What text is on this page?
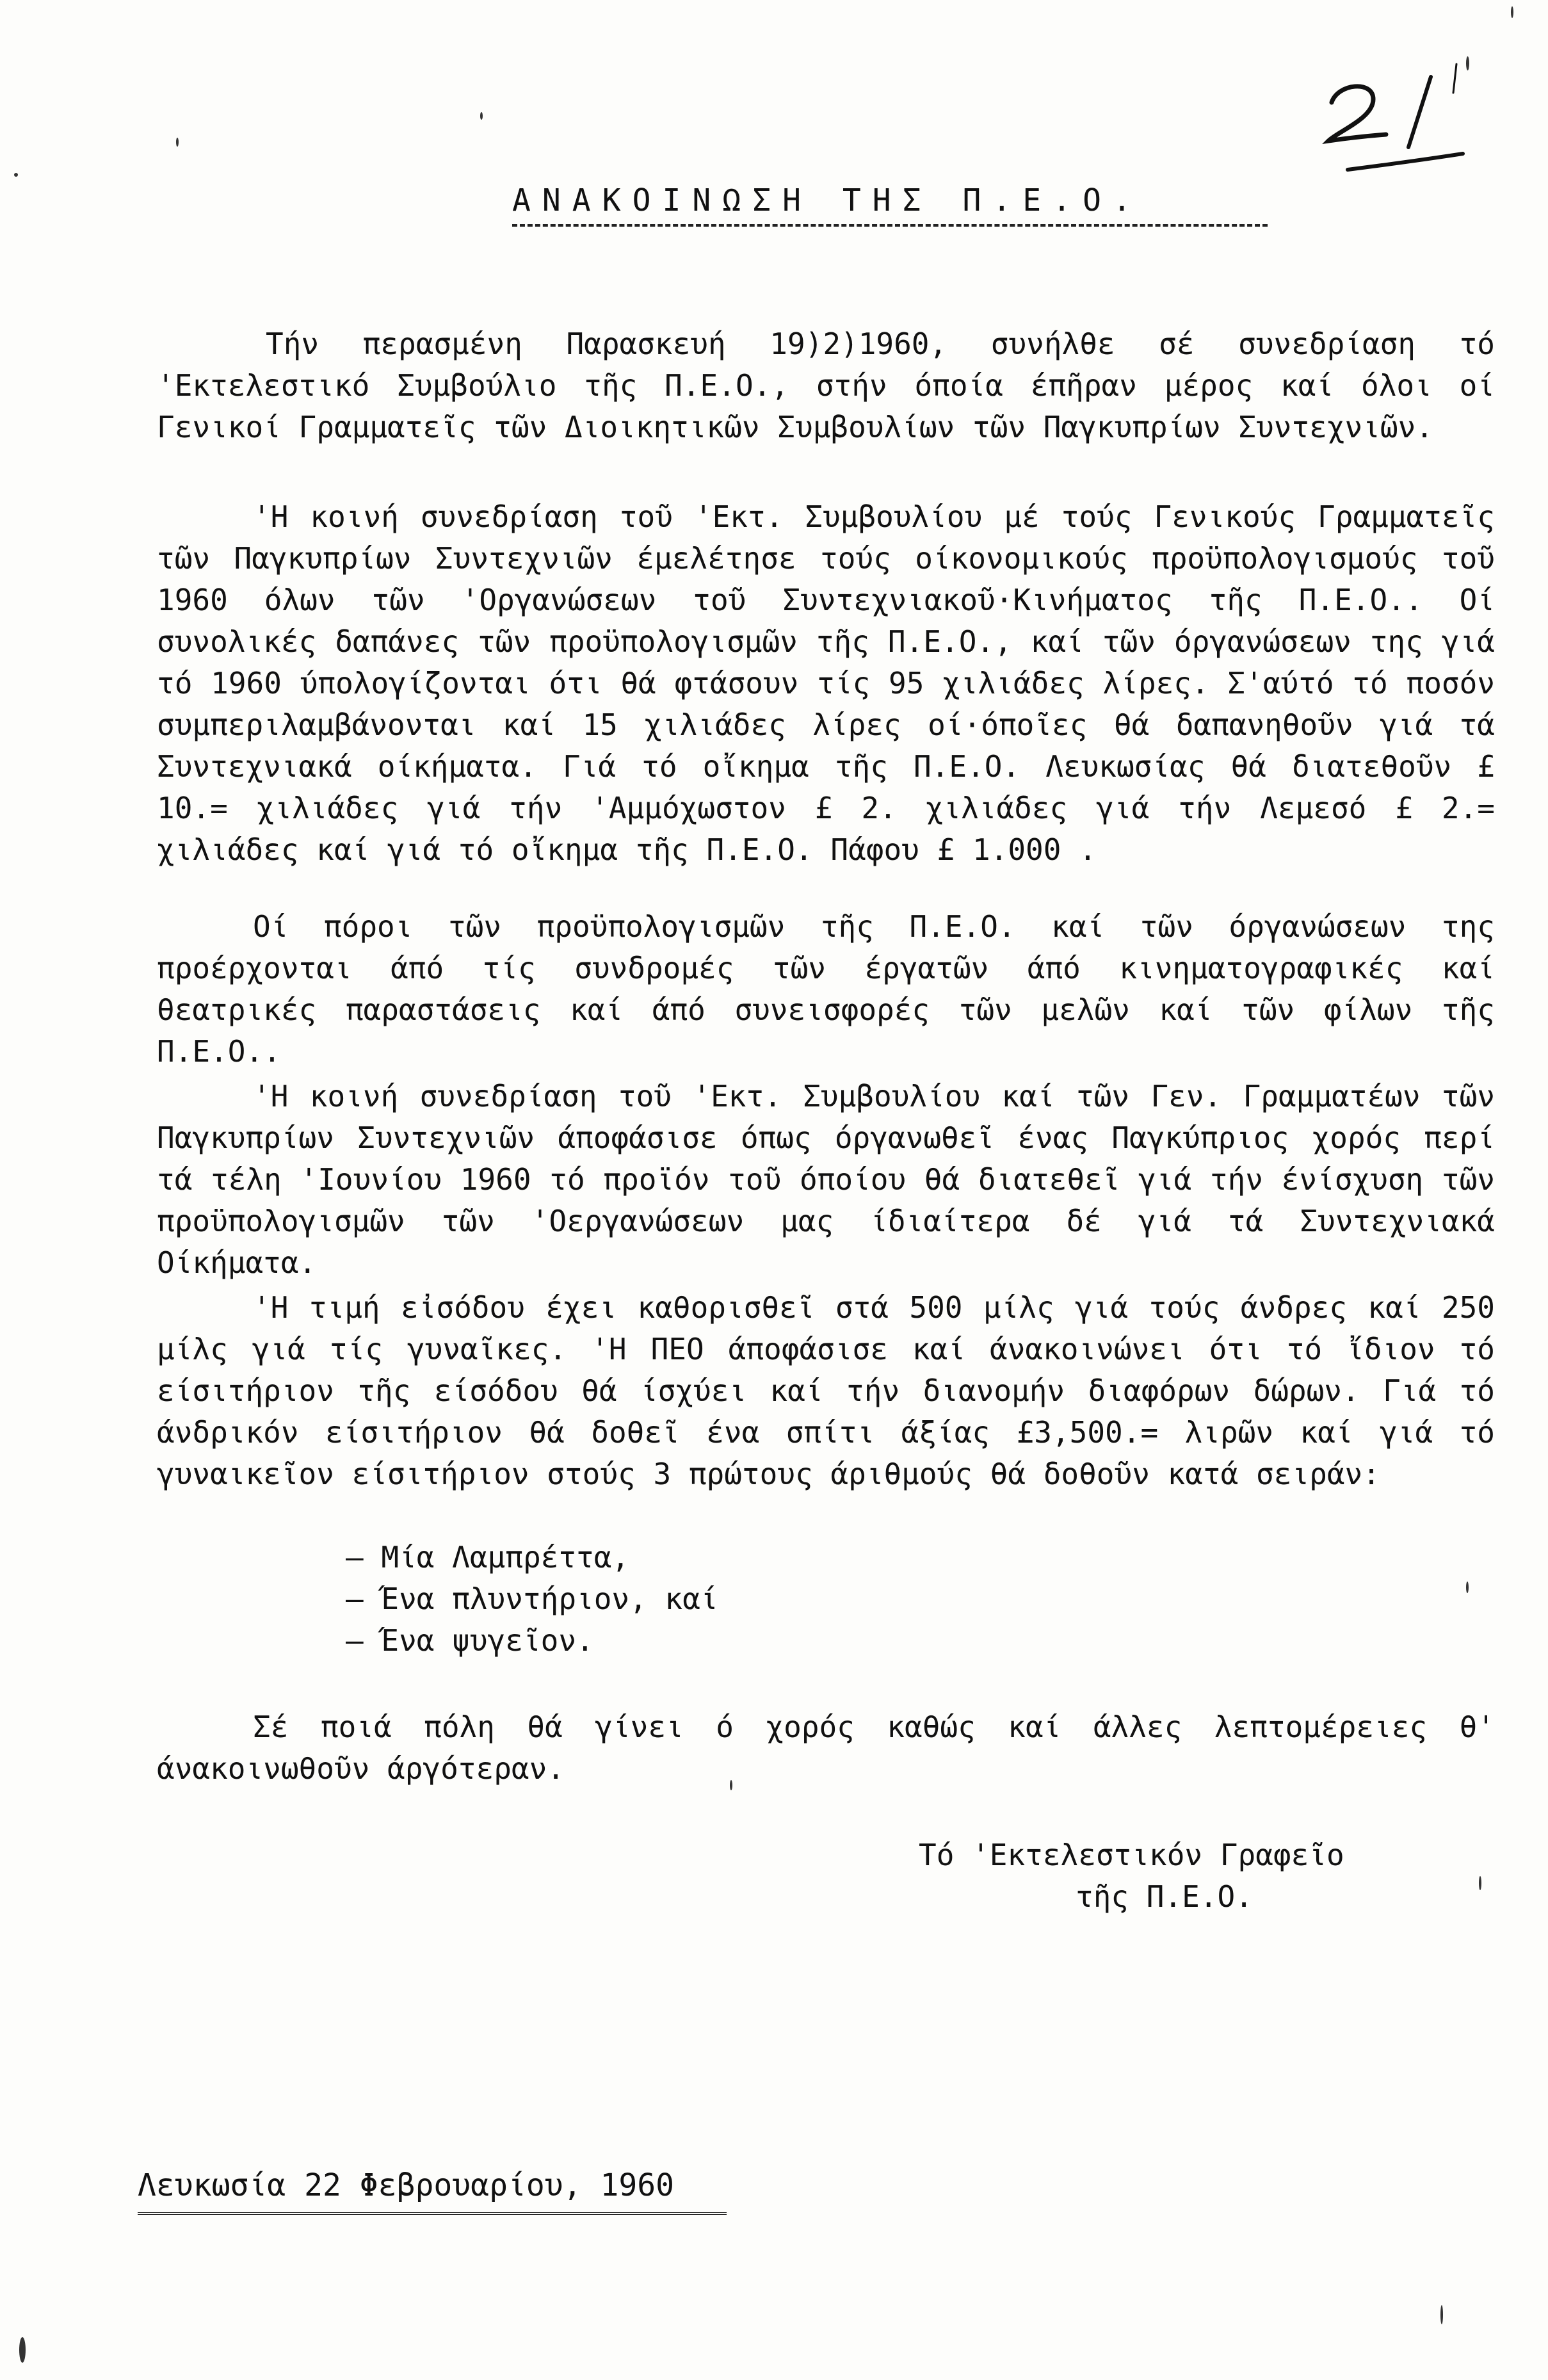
ΑΝΑΚΟΙΝΩΣΗ ΤΗΣ Π.Ε.Ο.

Τήν περασμένη Παρασκευή 19)2)1960, συνήλθε σέ συνεδρίαση τό 'Εκτελεστικό Συμβούλιο τῆς Π.Ε.Ο., στήν όποία έπῆραν μέρος καί όλοι οί Γενικοί Γραμματεῖς τῶν Διοικητικῶν Συμβουλίων τῶν Παγκυπρίων Συντεχνιῶν.

'Η κοινή συνεδρίαση τοῦ 'Εκτ. Συμβουλίου μέ τούς Γενικούς Γραμματεῖς τῶν Παγκυπρίων Συντεχνιῶν έμελέτησε τούς οίκονομικούς προϋπολογισμούς τοῦ 1960 όλων τῶν 'Οργανώσεων τοῦ Συντεχνιακοῦ·Κινήματος τῆς Π.Ε.Ο.. Οί συνολικές δαπάνες τῶν προϋπολογισμῶν τῆς Π.Ε.Ο., καί τῶν όργανώσεων της γιά τό 1960 ύπολογίζονται ότι θά φτάσουν τίς 95 χιλιάδες λίρες. Σ'αύτό τό ποσόν συμπεριλαμβάνονται καί 15 χιλιάδες λίρες οί·όποῖες θά δαπανηθοῦν γιά τά Συντεχνιακά οίκήματα. Γιά τό οἴκημα τῆς Π.Ε.Ο. Λευκωσίας θά διατεθοῦν £ 10.= χιλιάδες γιά τήν 'Αμμόχωστον £ 2. χιλιάδες γιά τήν Λεμεσό £ 2.= χιλιάδες καί γιά τό οἴκημα τῆς Π.Ε.Ο. Πάφου £ 1.000 .

Οί πόροι τῶν προϋπολογισμῶν τῆς Π.Ε.Ο. καί τῶν όργανώσεων της προέρχονται άπό τίς συνδρομές τῶν έργατῶν άπό κινηματογραφικές καί θεατρικές παραστάσεις καί άπό συνεισφορές τῶν μελῶν καί τῶν φίλων τῆς Π.Ε.Ο..

'Η κοινή συνεδρίαση τοῦ 'Εκτ. Συμβουλίου καί τῶν Γεν. Γραμματέων τῶν Παγκυπρίων Συντεχνιῶν άποφάσισε όπως όργανωθεῖ ένας Παγκύπριος χορός περί τά τέλη 'Ιουνίου 1960 τό προϊόν τοῦ όποίου θά διατεθεῖ γιά τήν ένίσχυση τῶν προϋπολογισμῶν τῶν 'Οεργανώσεων μας ίδιαίτερα δέ γιά τά Συντεχνιακά Οίκήματα.

'Η τιμή εἰσόδου έχει καθορισθεῖ στά 500 μίλς γιά τούς άνδρες καί 250 μίλς γιά τίς γυναῖκες. 'Η ΠΕΟ άποφάσισε καί άνακοινώνει ότι τό ἴδιον τό είσιτήριον τῆς είσόδου θά ίσχύει καί τήν διανομήν διαφόρων δώρων. Γιά τό άνδρικόν είσιτήριον θά δοθεῖ ένα σπίτι άξίας £3,500.= λιρῶν καί γιά τό γυναικεῖον είσιτήριον στούς 3 πρώτους άριθμούς θά δοθοῦν κατά σειράν:

— Μία Λαμπρέττα,
— Ένα πλυντήριον, καί
— Ένα ψυγεῖον.

Σέ ποιά πόλη θά γίνει ό χορός καθώς καί άλλες λεπτομέρειες θ' άνακοινωθοῦν άργότεραν.

Τό 'Εκτελεστικόν Γραφεῖο
τῆς Π.Ε.Ο.
Λευκωσία 22 Φεβρουαρίου, 1960
